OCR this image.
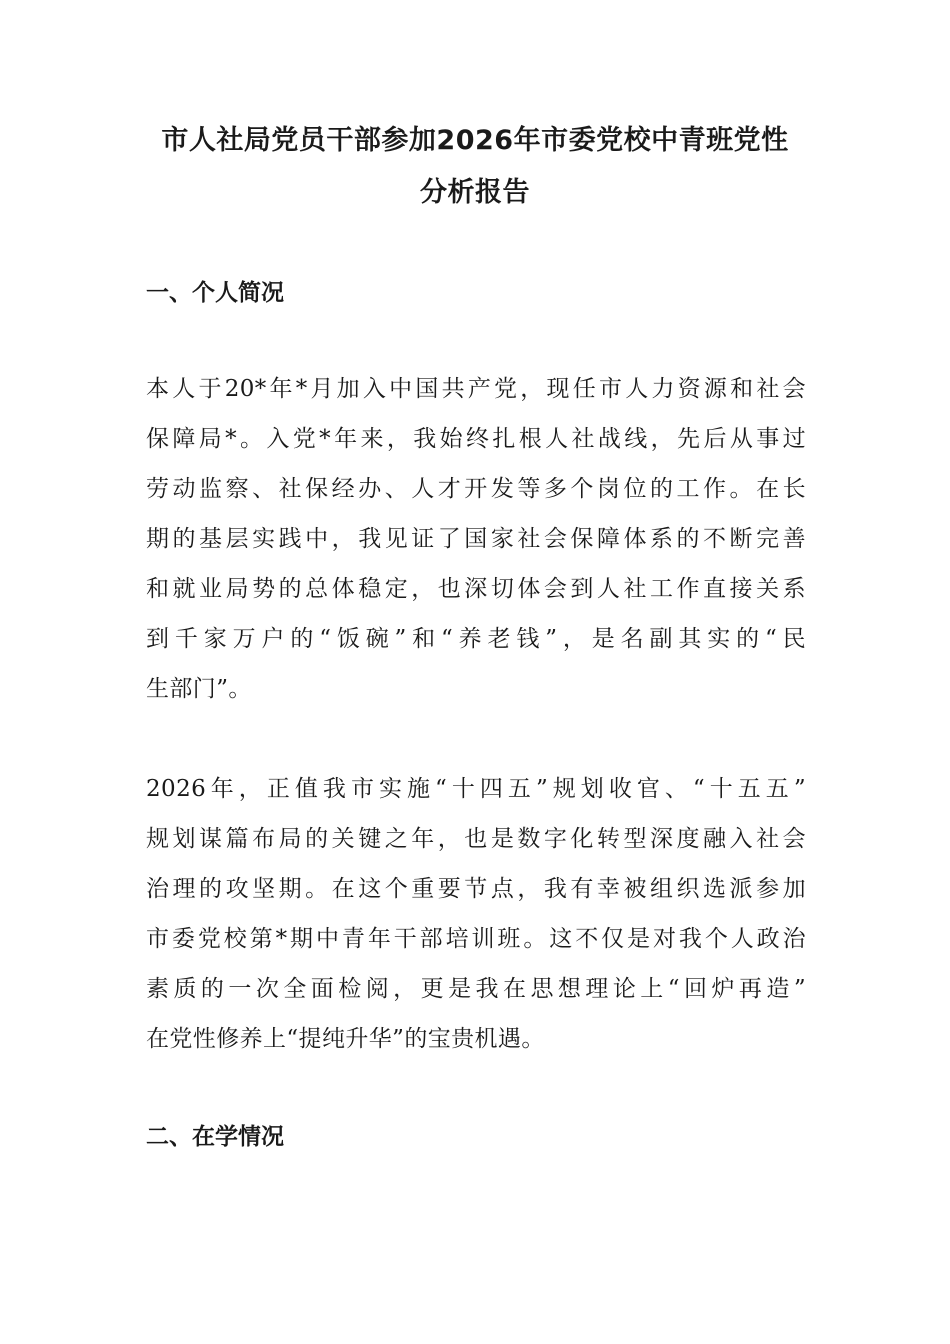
市人社局党员干部参加2026年市委党校中青班党性
分析报告
一、个人简况
本人于20*年*月加入中国共产党，现任市人力资源和社会
保障局*。入党*年来，我始终扎根人社战线，先后从事过
劳动监察、社保经办、人才开发等多个岗位的工作。在长
期的基层实践中，我见证了国家社会保障体系的不断完善
和就业局势的总体稳定，也深切体会到人社工作直接关系
到千家万户的“饭碗”和“养老钱”，是名副其实的“民
生部门”。
2026年，正值我市实施“十四五”规划收官、“十五五”
规划谋篇布局的关键之年，也是数字化转型深度融入社会
治理的攻坚期。在这个重要节点，我有幸被组织选派参加
市委党校第*期中青年干部培训班。这不仅是对我个人政治
素质的一次全面检阅，更是我在思想理论上“回炉再造”
在党性修养上“提纯升华”的宝贵机遇。
二、在学情况
